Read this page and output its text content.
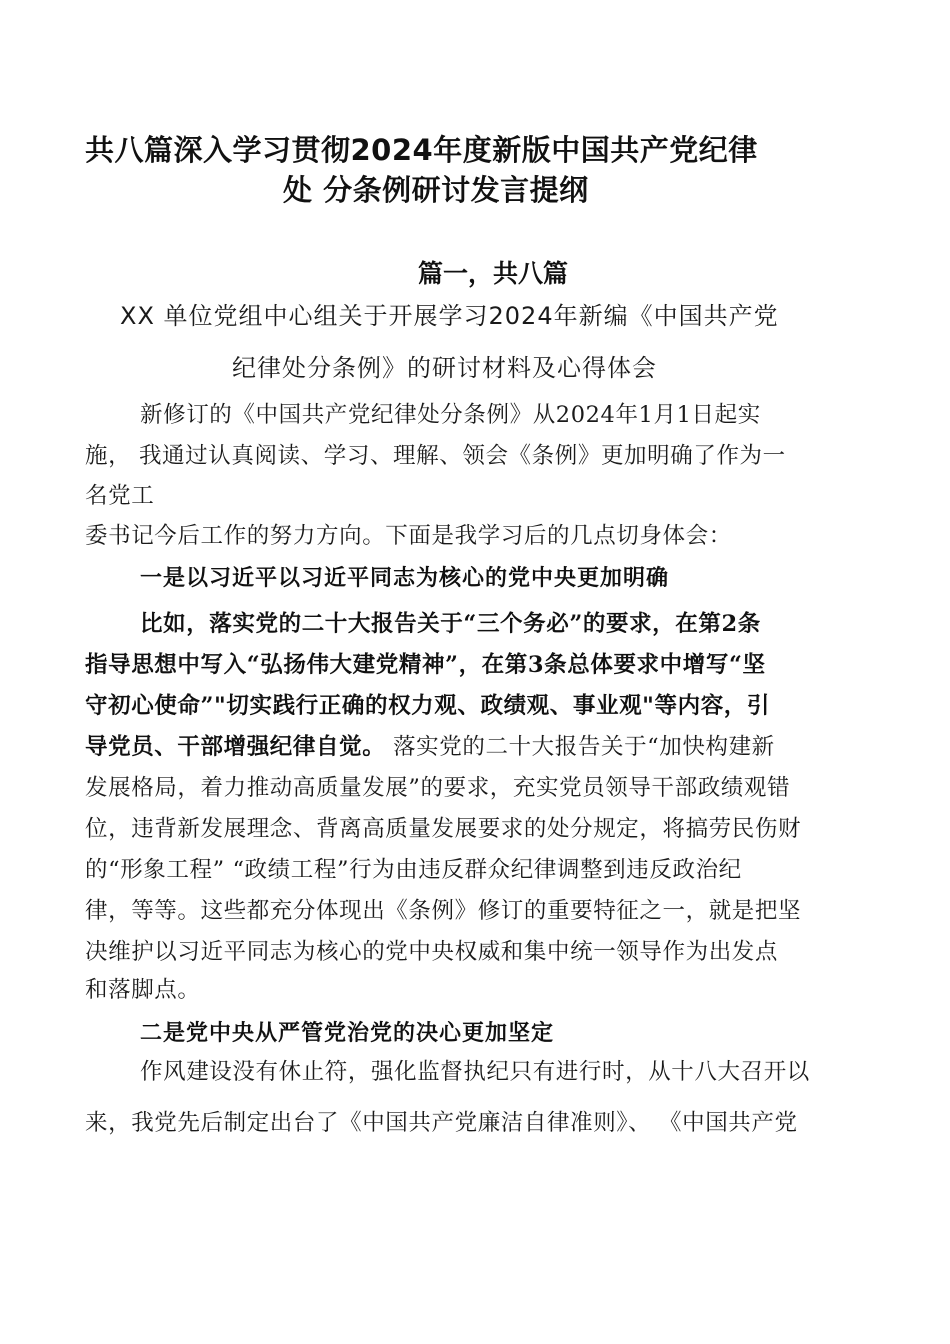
共八篇深入学习贯彻2024年度新版中国共产党纪律
处 分条例研讨发言提纲
篇一，共八篇
XX 单位党组中心组关于开展学习2024年新编《中国共产党
纪律处分条例》的研讨材料及心得体会
新修订的《中国共产党纪律处分条例》从2024年1月1日起实
施， 我通过认真阅读、学习、理解、领会《条例》更加明确了作为一
名党工
委书记今后工作的努力方向。下面是我学习后的几点切身体会：
一是以习近平以习近平同志为核心的党中央更加明确
比如，落实党的二十大报告关于“三个务必”的要求，在第2条
指导思想中写入“弘扬伟大建党精神”，在第3条总体要求中增写“坚
守初心使命”"切实践行正确的权力观、政绩观、事业观"等内容，引
导党员、干部增强纪律自觉。 落实党的二十大报告关于“加快构建新
发展格局，着力推动高质量发展”的要求，充实党员领导干部政绩观错
位，违背新发展理念、背离高质量发展要求的处分规定，将搞劳民伤财
的“形象工程” “政绩工程”行为由违反群众纪律调整到违反政治纪
律，等等。这些都充分体现出《条例》修订的重要特征之一，就是把坚
决维护以习近平同志为核心的党中央权威和集中统一领导作为出发点
和落脚点。
二是党中央从严管党治党的决心更加坚定
作风建设没有休止符，强化监督执纪只有进行时，从十八大召开以
来，我党先后制定出台了《中国共产党廉洁自律准则》、 《中国共产党
